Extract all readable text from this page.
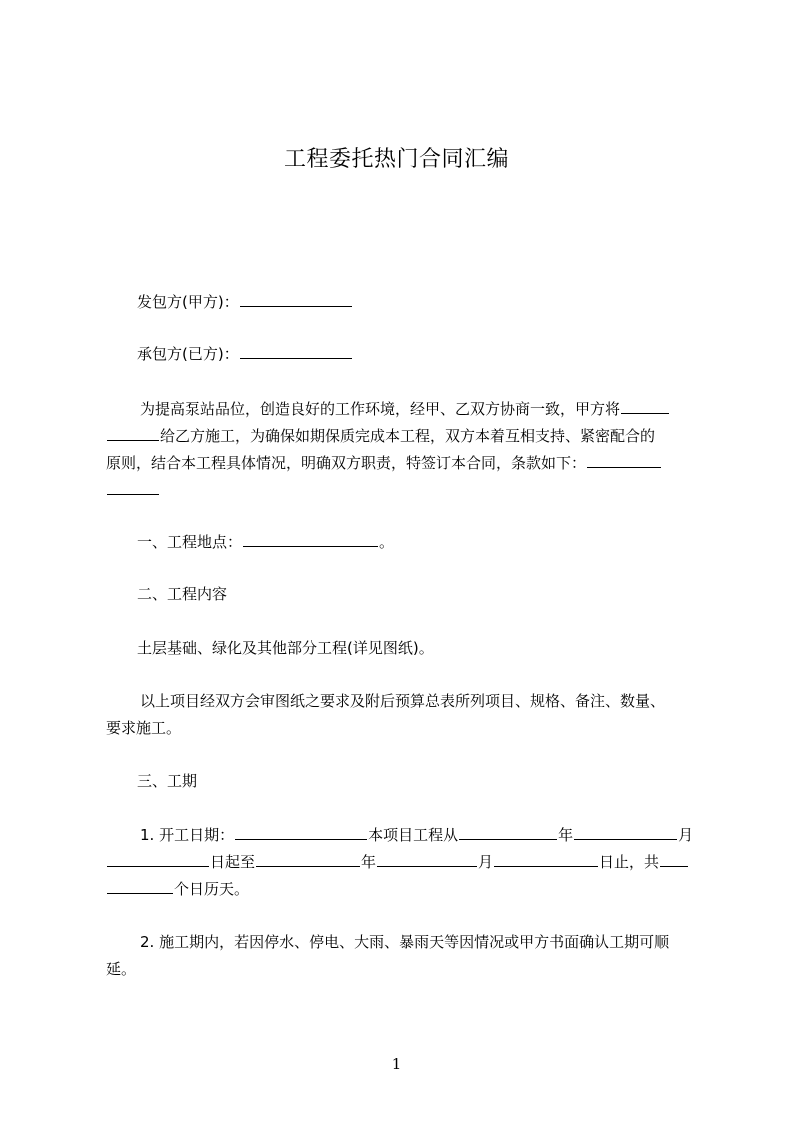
工程委托热门合同汇编
发包方(甲方)：
承包方(已方)：
为提高泵站品位，创造良好的工作环境，经甲、乙双方协商一致，甲方将
给乙方施工，为确保如期保质完成本工程，双方本着互相支持、紧密配合的
原则，结合本工程具体情况，明确双方职责，特签订本合同，条款如下：
一、工程地点：	。
二、工程内容
土层基础、绿化及其他部分工程(详见图纸)。
以上项目经双方会审图纸之要求及附后预算总表所列项目、规格、备注、数量、
要求施工。
三、工期
1. 开工日期：	本项目工程从	年	月
日起至	年	月	日止，共
个日历天。
2. 施工期内，若因停水、停电、大雨、暴雨天等因情况或甲方书面确认工期可顺
延。
1
